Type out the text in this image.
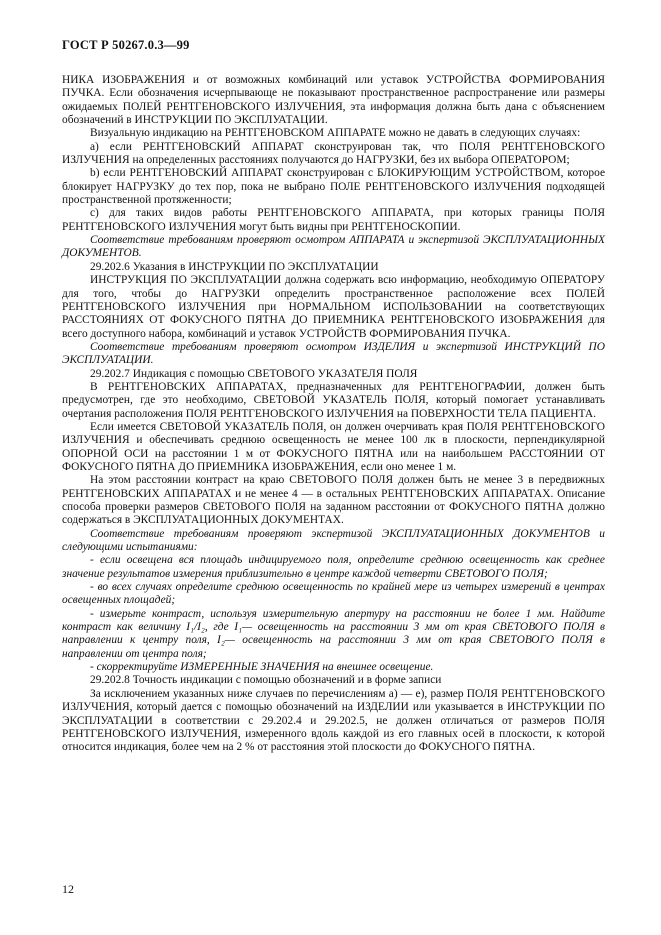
ГОСТ Р 50267.0.3—99

НИКА ИЗОБРАЖЕНИЯ и от возможных комбинаций или уставок УСТРОЙСТВА ФОРМИРОВАНИЯ ПУЧКА. Если обозначения исчерпывающе не показывают пространственное распространение или размеры ожидаемых ПОЛЕЙ РЕНТГЕНОВСКОГО ИЗЛУЧЕНИЯ, эта информация должна быть дана с объяснением обозначений в ИНСТРУКЦИИ ПО ЭКСПЛУАТАЦИИ.

Визуальную индикацию на РЕНТГЕНОВСКОМ АППАРАТЕ можно не давать в следующих случаях:

а) если РЕНТГЕНОВСКИЙ АППАРАТ сконструирован так, что ПОЛЯ РЕНТГЕНОВСКОГО ИЗЛУЧЕНИЯ на определенных расстояниях получаются до НАГРУЗКИ, без их выбора ОПЕРАТОРОМ;

b) если РЕНТГЕНОВСКИЙ АППАРАТ сконструирован с БЛОКИРУЮЩИМ УСТРОЙСТВОМ, которое блокирует НАГРУЗКУ до тех пор, пока не выбрано ПОЛЕ РЕНТГЕНОВСКОГО ИЗЛУЧЕНИЯ подходящей пространственной протяженности;

с) для таких видов работы РЕНТГЕНОВСКОГО АППАРАТА, при которых границы ПОЛЯ РЕНТГЕНОВСКОГО ИЗЛУЧЕНИЯ могут быть видны при РЕНТГЕНОСКОПИИ.

Соответствие требованиям проверяют осмотром АППАРАТА и экспертизой ЭКСПЛУАТАЦИОННЫХ ДОКУМЕНТОВ.

29.202.6 Указания в ИНСТРУКЦИИ ПО ЭКСПЛУАТАЦИИ

ИНСТРУКЦИЯ ПО ЭКСПЛУАТАЦИИ должна содержать всю информацию, необходимую ОПЕРАТОРУ для того, чтобы до НАГРУЗКИ определить пространственное расположение всех ПОЛЕЙ РЕНТГЕНОВСКОГО ИЗЛУЧЕНИЯ при НОРМАЛЬНОМ ИСПОЛЬЗОВАНИИ на соответствующих РАССТОЯНИЯХ ОТ ФОКУСНОГО ПЯТНА ДО ПРИЕМНИКА РЕНТГЕНОВСКОГО ИЗОБРАЖЕНИЯ для всего доступного набора, комбинаций и уставок УСТРОЙСТВ ФОРМИРОВАНИЯ ПУЧКА.

Соответствие требованиям проверяют осмотром ИЗДЕЛИЯ и экспертизой ИНСТРУКЦИЙ ПО ЭКСПЛУАТАЦИИ.

29.202.7 Индикация с помощью СВЕТОВОГО УКАЗАТЕЛЯ ПОЛЯ

В РЕНТГЕНОВСКИХ АППАРАТАХ, предназначенных для РЕНТГЕНОГРАФИИ, должен быть предусмотрен, где это необходимо, СВЕТОВОЙ УКАЗАТЕЛЬ ПОЛЯ, который помогает устанавливать очертания расположения ПОЛЯ РЕНТГЕНОВСКОГО ИЗЛУЧЕНИЯ на ПОВЕРХНОСТИ ТЕЛА ПАЦИЕНТА.

Если имеется СВЕТОВОЙ УКАЗАТЕЛЬ ПОЛЯ, он должен очерчивать края ПОЛЯ РЕНТГЕНОВСКОГО ИЗЛУЧЕНИЯ и обеспечивать среднюю освещенность не менее 100 лк в плоскости, перпендикулярной ОПОРНОЙ ОСИ на расстоянии 1 м от ФОКУСНОГО ПЯТНА или на наибольшем РАССТОЯНИИ ОТ ФОКУСНОГО ПЯТНА ДО ПРИЕМНИКА ИЗОБРАЖЕНИЯ, если оно менее 1 м.

На этом расстоянии контраст на краю СВЕТОВОГО ПОЛЯ должен быть не менее 3 в передвижных РЕНТГЕНОВСКИХ АППАРАТАХ и не менее 4 — в остальных РЕНТГЕНОВСКИХ АППАРАТАХ. Описание способа проверки размеров СВЕТОВОГО ПОЛЯ на заданном расстоянии от ФОКУСНОГО ПЯТНА должно содержаться в ЭКСПЛУАТАЦИОННЫХ ДОКУМЕНТАХ.

Соответствие требованиям проверяют экспертизой ЭКСПЛУАТАЦИОННЫХ ДОКУМЕНТОВ и следующими испытаниями:

- если освещена вся площадь индицируемого поля, определите среднюю освещенность как среднее значение результатов измерения приблизительно в центре каждой четверти СВЕТОВОГО ПОЛЯ;

- во всех случаях определите среднюю освещенность по крайней мере из четырех измерений в центрах освещенных площадей;

- измерьте контраст, используя измерительную апертуру на расстоянии не более 1 мм. Найдите контраст как величину I₁/I₂, где I₁— освещенность на расстоянии 3 мм от края СВЕТОВОГО ПОЛЯ в направлении к центру поля, I₂— освещенность на расстоянии 3 мм от края СВЕТОВОГО ПОЛЯ в направлении от центра поля;

- скорректируйте ИЗМЕРЕННЫЕ ЗНАЧЕНИЯ на внешнее освещение.

29.202.8 Точность индикации с помощью обозначений и в форме записи

За исключением указанных ниже случаев по перечислениям а) — е), размер ПОЛЯ РЕНТГЕНОВСКОГО ИЗЛУЧЕНИЯ, который дается с помощью обозначений на ИЗДЕЛИИ или указывается в ИНСТРУКЦИИ ПО ЭКСПЛУАТАЦИИ в соответствии с 29.202.4 и 29.202.5, не должен отличаться от размеров ПОЛЯ РЕНТГЕНОВСКОГО ИЗЛУЧЕНИЯ, измеренного вдоль каждой из его главных осей в плоскости, к которой относится индикация, более чем на 2 % от расстояния этой плоскости до ФОКУСНОГО ПЯТНА.

12
